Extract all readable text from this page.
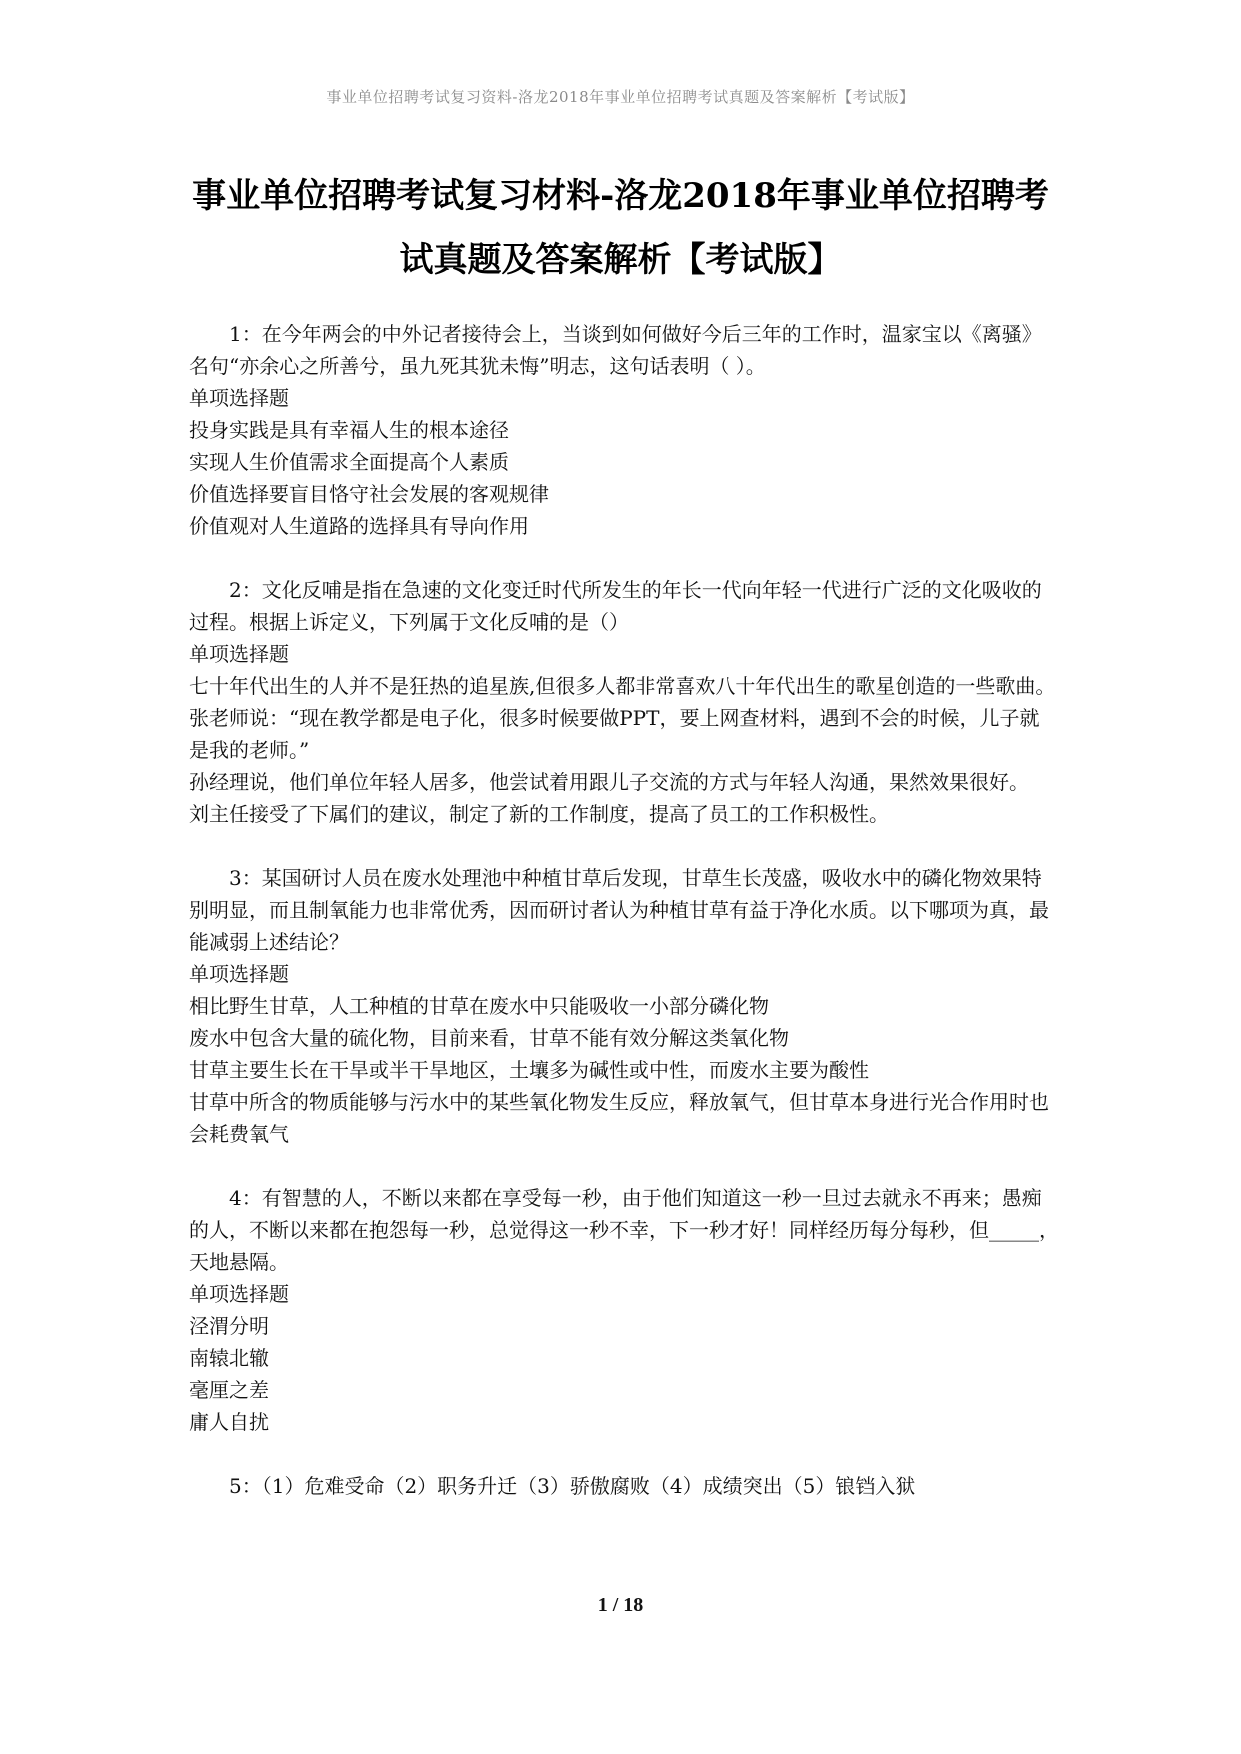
事业单位招聘考试复习资料-洛龙2018年事业单位招聘考试真题及答案解析【考试版】
事业单位招聘考试复习材料-洛龙2018年事业单位招聘考
试真题及答案解析【考试版】

1：在今年两会的中外记者接待会上，当谈到如何做好今后三年的工作时，温家宝以《离骚》名句“亦余心之所善兮，虽九死其犹未悔”明志，这句话表明（ ）。

单项选择题

投身实践是具有幸福人生的根本途径

实现人生价值需求全面提高个人素质

价值选择要盲目恪守社会发展的客观规律

价值观对人生道路的选择具有导向作用

2：文化反哺是指在急速的文化变迁时代所发生的年长一代向年轻一代进行广泛的文化吸收的过程。根据上诉定义，下列属于文化反哺的是（）

单项选择题

七十年代出生的人并不是狂热的追星族,但很多人都非常喜欢八十年代出生的歌星创造的一些歌曲。

张老师说：“现在教学都是电子化，很多时候要做PPT，要上网查材料，遇到不会的时候，儿子就是我的老师。”

孙经理说，他们单位年轻人居多，他尝试着用跟儿子交流的方式与年轻人沟通，果然效果很好。

刘主任接受了下属们的建议，制定了新的工作制度，提高了员工的工作积极性。

3：某国研讨人员在废水处理池中种植甘草后发现，甘草生长茂盛，吸收水中的磷化物效果特别明显，而且制氧能力也非常优秀，因而研讨者认为种植甘草有益于净化水质。以下哪项为真，最能减弱上述结论？

单项选择题

相比野生甘草，人工种植的甘草在废水中只能吸收一小部分磷化物

废水中包含大量的硫化物，目前来看，甘草不能有效分解这类氧化物

甘草主要生长在干旱或半干旱地区，土壤多为碱性或中性，而废水主要为酸性

甘草中所含的物质能够与污水中的某些氧化物发生反应，释放氧气，但甘草本身进行光合作用时也会耗费氧气

4：有智慧的人，不断以来都在享受每一秒，由于他们知道这一秒一旦过去就永不再来；愚痴的人，不断以来都在抱怨每一秒，总觉得这一秒不幸，下一秒才好！同样经历每分每秒，但_____，天地悬隔。

单项选择题

泾渭分明

南辕北辙

毫厘之差

庸人自扰

5：（1）危难受命（2）职务升迁（3）骄傲腐败（4）成绩突出（5）锒铛入狱

1 / 18
